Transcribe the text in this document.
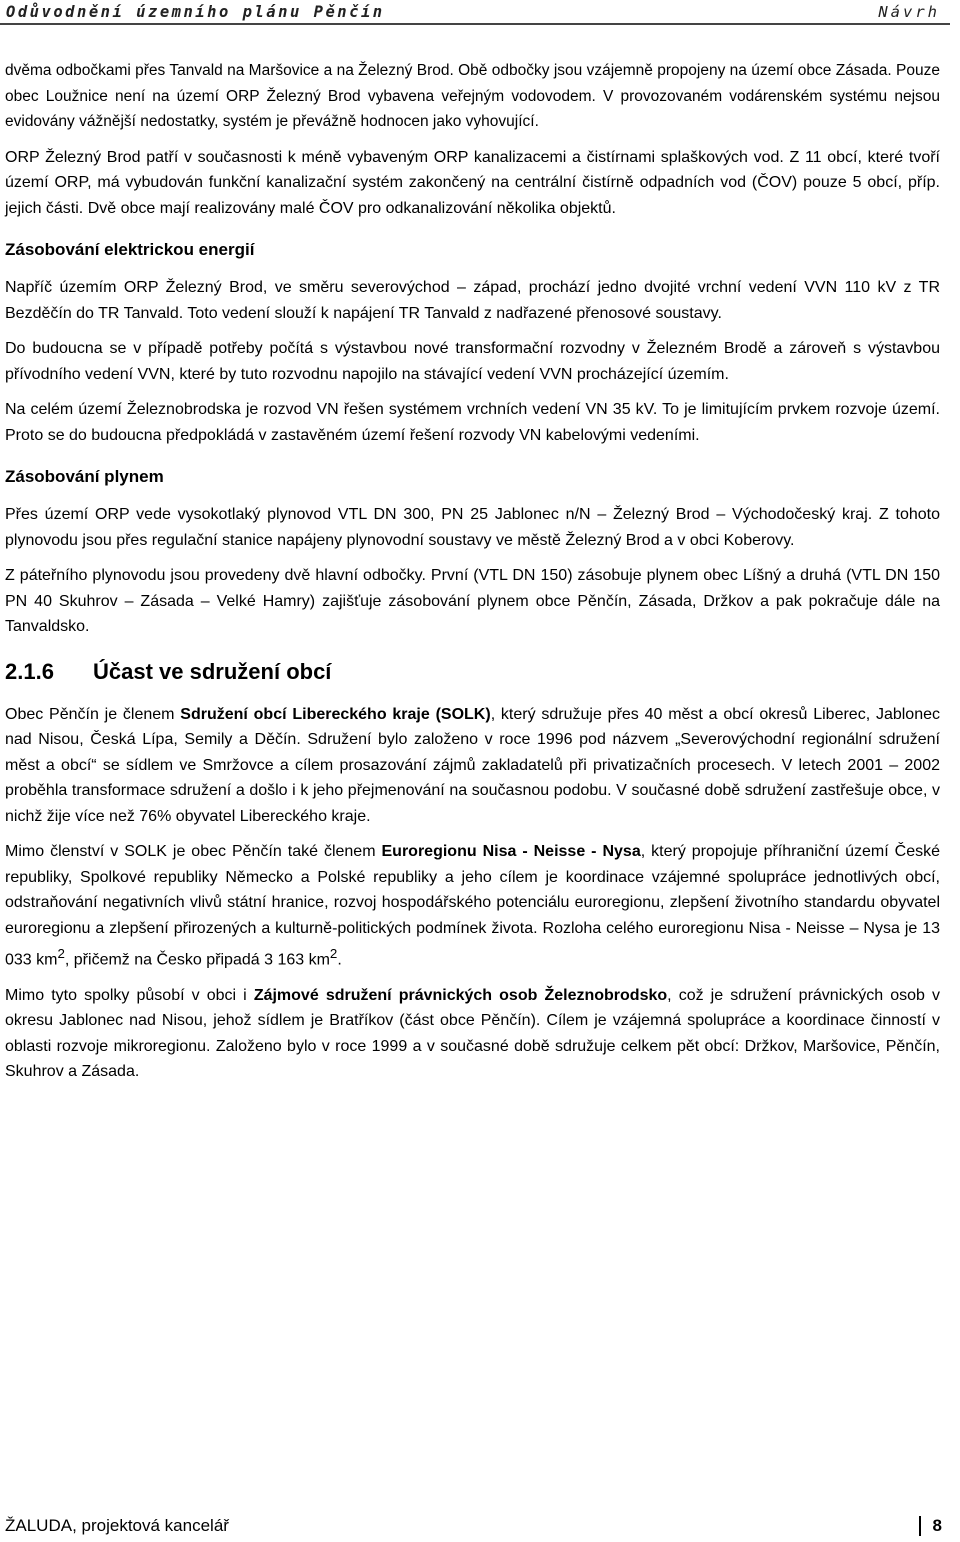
Odůvodnění územního plánu Pěnčín	Návrh

dvěma odbočkami přes Tanvald na Maršovice a na Železný Brod. Obě odbočky jsou vzájemně propojeny na území obce Zásada. Pouze obec Loužnice není na území ORP Železný Brod vybavena veřejným vodovodem. V provozovaném vodárenském systému nejsou evidovány vážnější nedostatky, systém je převážně hodnocen jako vyhovující.

ORP Železný Brod patří v současnosti k méně vybaveným ORP kanalizacemi a čistírnami splaškových vod. Z 11 obcí, které tvoří území ORP, má vybudován funkční kanalizační systém zakončený na centrální čistírně odpadních vod (ČOV) pouze 5 obcí, příp. jejich části. Dvě obce mají realizovány malé ČOV pro odkanalizování několika objektů.

Zásobování elektrickou energií

Napříč územím ORP Železný Brod, ve směru severovýchod – západ, prochází jedno dvojité vrchní vedení VVN 110 kV z TR Bezděčín do TR Tanvald. Toto vedení slouží k napájení TR Tanvald z nadřazené přenosové soustavy.

Do budoucna se v případě potřeby počítá s výstavbou nové transformační rozvodny v Železném Brodě a zároveň s výstavbou přívodního vedení VVN, které by tuto rozvodnu napojilo na stávající vedení VVN procházející územím.

Na celém území Železnobrodska je rozvod VN řešen systémem vrchních vedení VN 35 kV. To je limitujícím prvkem rozvoje území. Proto se do budoucna předpokládá v zastavěném území řešení rozvody VN kabelovými vedeními.

Zásobování plynem

Přes území ORP vede vysokotlaký plynovod VTL DN 300, PN 25 Jablonec n/N – Železný Brod – Východočeský kraj. Z tohoto plynovodu jsou přes regulační stanice napájeny plynovodní soustavy ve městě Železný Brod a v obci Koberovy.

Z páteřního plynovodu jsou provedeny dvě hlavní odbočky. První (VTL DN 150) zásobuje plynem obec Líšný a druhá (VTL DN 150 PN 40 Skuhrov – Zásada – Velké Hamry) zajišťuje zásobování plynem obce Pěnčín, Zásada, Držkov a pak pokračuje dále na Tanvaldsko.

2.1.6 Účast ve sdružení obcí

Obec Pěnčín je členem Sdružení obcí Libereckého kraje (SOLK), který sdružuje přes 40 měst a obcí okresů Liberec, Jablonec nad Nisou, Česká Lípa, Semily a Děčín. Sdružení bylo založeno v roce 1996 pod názvem „Severovýchodní regionální sdružení měst a obcí“ se sídlem ve Smržovce a cílem prosazování zájmů zakladatelů při privatizačních procesech. V letech 2001 – 2002 proběhla transformace sdružení a došlo i k jeho přejmenování na současnou podobu. V současné době sdružení zastřešuje obce, v nichž žije více než 76% obyvatel Libereckého kraje.

Mimo členství v SOLK je obec Pěnčín také členem Euroregionu Nisa - Neisse - Nysa, který propojuje příhraniční území České republiky, Spolkové republiky Německo a Polské republiky a jeho cílem je koordinace vzájemné spolupráce jednotlivých obcí, odstraňování negativních vlivů státní hranice, rozvoj hospodářského potenciálu euroregionu, zlepšení životního standardu obyvatel euroregionu a zlepšení přirozených a kulturně-politických podmínek života. Rozloha celého euroregionu Nisa - Neisse – Nysa je 13 033 $km^2$, přičemž na Česko připadá 3 163 $km^2$.

Mimo tyto spolky působí v obci i Zájmové sdružení právnických osob Železnobrodsko, což je sdružení právnických osob v okresu Jablonec nad Nisou, jehož sídlem je Bratříkov (část obce Pěnčín). Cílem je vzájemná spolupráce a koordinace činností v oblasti rozvoje mikroregionu. Založeno bylo v roce 1999 a v současné době sdružuje celkem pět obcí: Držkov, Maršovice, Pěnčín, Skuhrov a Zásada.

ŽALUDA, projektová kancelář	8
